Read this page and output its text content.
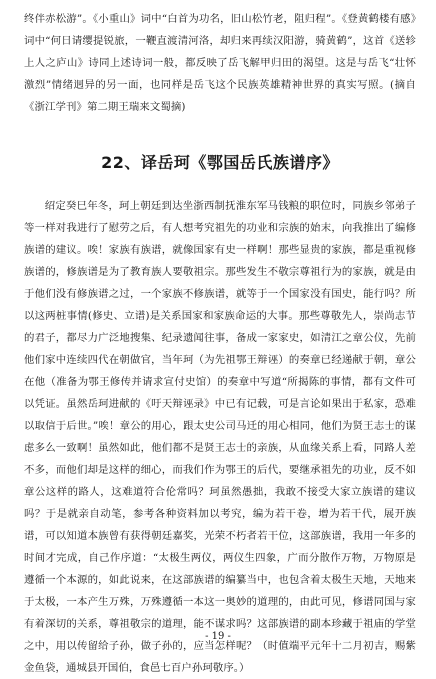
终伴赤松游”。《小重山》词中“白首为功名，旧山松竹老，阻归程”。《登黄鹤楼有感》词中“何日请缨提锐旅，一鞭直渡清河洛，却归来再续汉阳游，骑黄鹤”，这首《送轸上人之庐山》诗同上述诗词一般，都反映了岳飞解甲归田的渴望。这是与岳飞“壮怀激烈”情绪迥异的另一面，也同样是岳飞这个民族英雄精神世界的真实写照。(摘自《浙江学刊》第二期王瑞来文蜀摘)

22、译岳珂《鄂国岳氏族谱序》

绍定癸巳年冬，珂上朝廷到达坐浙西制抚淮东军马钱粮的职位时，同族乡邻弟子等一样对我进行了慰劳之后，有人想考究祖先的功业和宗族的始末，向我推出了编修族谱的建议。唉！家族有族谱，就像国家有史一样啊！那些显贵的家族，都是重视修族谱的，修族谱是为了教育族人要敬祖宗。那些发生不敬宗尊祖行为的家族，就是由于他们没有修族谱之过，一个家族不修族谱，就等于一个国家没有国史，能行吗？所以这两桩事情(修史、立谱)是关系国家和家族命运的大事。那些尊敬先人，崇尚志节的君子，都尽力广泛地搜集、纪录遗闻往事，备成一家家史，如清江之章公仪，先前他们家中连续四代在朝做官，当年珂（为先祖鄂王辩诬）的奏章已经递献于朝，章公在他（准备为鄂王修传并请求宣付史馆）的奏章中写道“所揭陈的事情，都有文件可以凭证。虽然岳珂进献的《吁天辩诬录》中已有记载，可是言论如果出于私家，恐难以取信于后世。”唉！章公的用心，跟太史公司马迁的用心相同，他们为贤王志士的谋虑多么一致啊！虽然如此，他们都不是贤王志士的亲族，从血缘关系上看，同路人差不多，而他们却是这样的细心，而我们作为鄂王的后代，要继承祖先的功业，反不如章公这样的路人，这难道符合伦常吗？珂虽然愚拙，我敢不接受大家立族谱的建议吗？于是就亲自动笔，参考各种资料加以考究，编为若干卷，增为若干代，展开族谱，可以知道本族曾有获得朝廷嘉奖，光荣不朽者若干位，这部族谱，我用一年多的时间才完成，自己作序道：“太极生两仪，两仪生四象，广而分散作万物，万物原是遵循一个本源的，如此说来，在这部族谱的编纂当中，也包含着太极生天地，天地来于太极，一本产生万殊，万殊遵循一本这一奥妙的道理的，由此可见，修谱同国与家有着深切的关系，尊祖敬宗的道理，能不谋求吗？这部族谱的副本珍藏于祖庙的学堂之中，用以传留给子孙，做子孙的，应当怎样呢？（时值端平元年十二月初吉，赐紫金鱼袋，通城县开国伯，食邑七百户孙珂敬序。）

- 19 -
